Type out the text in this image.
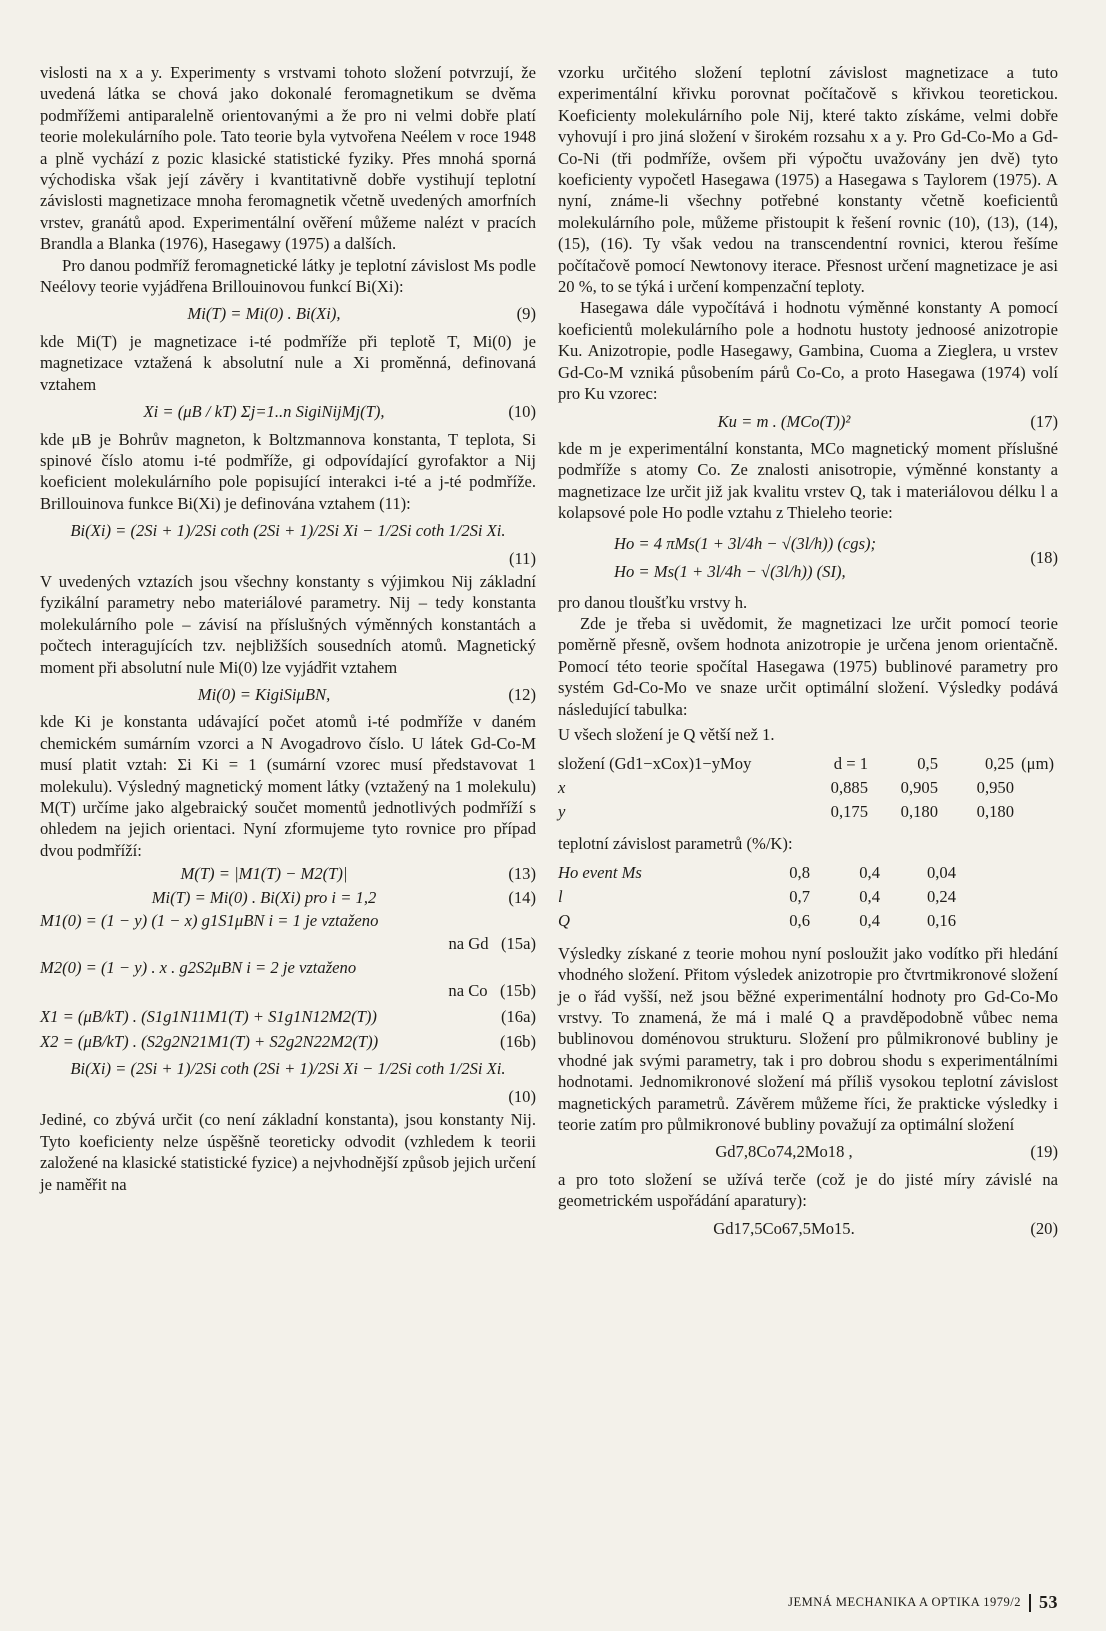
vislosti na x a y. Experimenty s vrstvami tohoto složení potvrzují, že uvedená látka se chová jako dokonalé feromagnetikum se dvěma podmřížemi antiparalelně orientovanými a že pro ni velmi dobře platí teorie molekulárního pole. Tato teorie byla vytvořena Neélem v roce 1948 a plně vychází z pozic klasické statistické fyziky. Přes mnohá sporná východiska však její závěry i kvantitativně dobře vystihují teplotní závislosti magnetizace mnoha feromagnetik včetně uvedených amorfních vrstev, granátů apod. Experimentální ověření můžeme nalézt v pracích Brandla a Blanka (1976), Hasegawy (1975) a dalších.

Pro danou podmříž feromagnetické látky je teplotní závislost Ms podle Neélovy teorie vyjádřena Brillouinovou funkcí Bi(Xi):

Mi(T) = Mi(0) . Bi(Xi),	(9)

kde Mi(T) je magnetizace i-té podmříže při teplotě T, Mi(0) je magnetizace vztažená k absolutní nule a Xi proměnná, definovaná vztahem

Xi = (μB / kT) Σj=1..n SigiNijMj(T),	(10)

kde μB je Bohrův magneton, k Boltzmannova konstanta, T teplota, Si spinové číslo atomu i-té podmříže, gi odpovídající gyrofaktor a Nij koeficient molekulárního pole popisující interakci i-té a j-té podmříže. Brillouinova funkce Bi(Xi) je definována vztahem (11):

Bi(Xi) = (2Si + 1)/2Si coth (2Si + 1)/2Si Xi − 1/2Si coth 1/2Si Xi.
(11)

V uvedených vztazích jsou všechny konstanty s výjimkou Nij základní fyzikální parametry nebo materiálové parametry. Nij – tedy konstanta molekulárního pole – závisí na příslušných výměnných konstantách a počtech interagujících tzv. nejbližších sousedních atomů. Magnetický moment při absolutní nule Mi(0) lze vyjádřit vztahem

Mi(0) = KigiSiμBN,	(12)

kde Ki je konstanta udávající počet atomů i-té podmříže v daném chemickém sumárním vzorci a N Avogadrovo číslo. U látek Gd-Co-M musí platit vztah: Σi Ki = 1 (sumární vzorec musí představovat 1 molekulu). Výsledný magnetický moment látky (vztažený na 1 molekulu) M(T) určíme jako algebraický součet momentů jednotlivých podmříží s ohledem na jejich orientaci. Nyní zformujeme tyto rovnice pro případ dvou podmříží:

M(T) = |M1(T) − M2(T)|	(13)
Mi(T) = Mi(0) . Bi(Xi) pro i = 1,2	(14)
M1(0) = (1 − y) (1 − x) g1S1μBN i = 1 je vztaženo
na Gd (15a)
M2(0) = (1 − y) . x . g2S2μBN i = 2 je vztaženo
na Co (15b)
X1 = (μB/kT) . (S1g1N11M1(T) + S1g1N12M2(T))	(16a)
X2 = (μB/kT) . (S2g2N21M1(T) + S2g2N22M2(T))	(16b)
Bi(Xi) = (2Si + 1)/2Si coth (2Si + 1)/2Si Xi − 1/2Si coth 1/2Si Xi.
(10)

Jediné, co zbývá určit (co není základní konstanta), jsou konstanty Nij. Tyto koeficienty nelze úspěšně teoreticky odvodit (vzhledem k teorii založené na klasické statistické fyzice) a nejvhodnější způsob jejich určení je naměřit na

vzorku určitého složení teplotní závislost magnetizace a tuto experimentální křivku porovnat počítačově s křivkou teoretickou. Koeficienty molekulárního pole Nij, které takto získáme, velmi dobře vyhovují i pro jiná složení v širokém rozsahu x a y. Pro Gd-Co-Mo a Gd-Co-Ni (tři podmříže, ovšem při výpočtu uvažovány jen dvě) tyto koeficienty vypočetl Hasegawa (1975) a Hasegawa s Taylorem (1975). A nyní, známe-li všechny potřebné konstanty včetně koeficientů molekulárního pole, můžeme přistoupit k řešení rovnic (10), (13), (14), (15), (16). Ty však vedou na transcendentní rovnici, kterou řešíme počítačově pomocí Newtonovy iterace. Přesnost určení magnetizace je asi 20 %, to se týká i určení kompenzační teploty.

Hasegawa dále vypočítává i hodnotu výměnné konstanty A pomocí koeficientů molekulárního pole a hodnotu hustoty jednoosé anizotropie Ku. Anizotropie, podle Hasegawy, Gambina, Cuoma a Zieglera, u vrstev Gd-Co-M vzniká působením párů Co-Co, a proto Hasegawa (1974) volí pro Ku vzorec:

Ku = m . (MCo(T))²	(17)

kde m je experimentální konstanta, MCo magnetický moment příslušné podmříže s atomy Co. Ze znalosti anisotropie, výměnné konstanty a magnetizace lze určit již jak kvalitu vrstev Q, tak i materiálovou délku l a kolapsové pole Ho podle vztahu z Thieleho teorie:

Ho = 4 πMs(1 + 3l/4h − √(3l/h)) (cgs);
Ho = Ms(1 + 3l/4h − √(3l/h)) (SI),
(18)

pro danou tloušťku vrstvy h.

Zde je třeba si uvědomit, že magnetizaci lze určit pomocí teorie poměrně přesně, ovšem hodnota anizotropie je určena jenom orientačně. Pomocí této teorie spočítal Hasegawa (1975) bublinové parametry pro systém Gd-Co-Mo ve snaze určit optimální složení. Výsledky podává následující tabulka:

U všech složení je Q větší než 1.

složení (Gd1−xCox)1−yMoy	d = 1	0,5	0,25 (μm)
x	0,885	0,905	0,950
y	0,175	0,180	0,180

teplotní závislost parametrů (%/K):

Ho event Ms	0,8	0,4	0,04
l	0,7	0,4	0,24
Q	0,6	0,4	0,16

Výsledky získané z teorie mohou nyní posloužit jako vodítko při hledání vhodného složení. Přitom výsledek anizotropie pro čtvrtmikronové složení je o řád vyšší, než jsou běžné experimentální hodnoty pro Gd-Co-Mo vrstvy. To znamená, že má i malé Q a pravděpodobně vůbec nema bublinovou doménovou strukturu. Složení pro půlmikronové bubliny je vhodné jak svými parametry, tak i pro dobrou shodu s experimentálními hodnotami. Jednomikronové složení má příliš vysokou teplotní závislost magnetických parametrů. Závěrem můžeme říci, že prakticke výsledky i teorie zatím pro půlmikronové bubliny považují za optimální složení

Gd7,8Co74,2Mo18 ,	(19)

a pro toto složení se užívá terče (což je do jisté míry závislé na geometrickém uspořádání aparatury):

Gd17,5Co67,5Mo15.	(20)
JEMNÁ MECHANIKA A OPTIKA 1979/2 53
